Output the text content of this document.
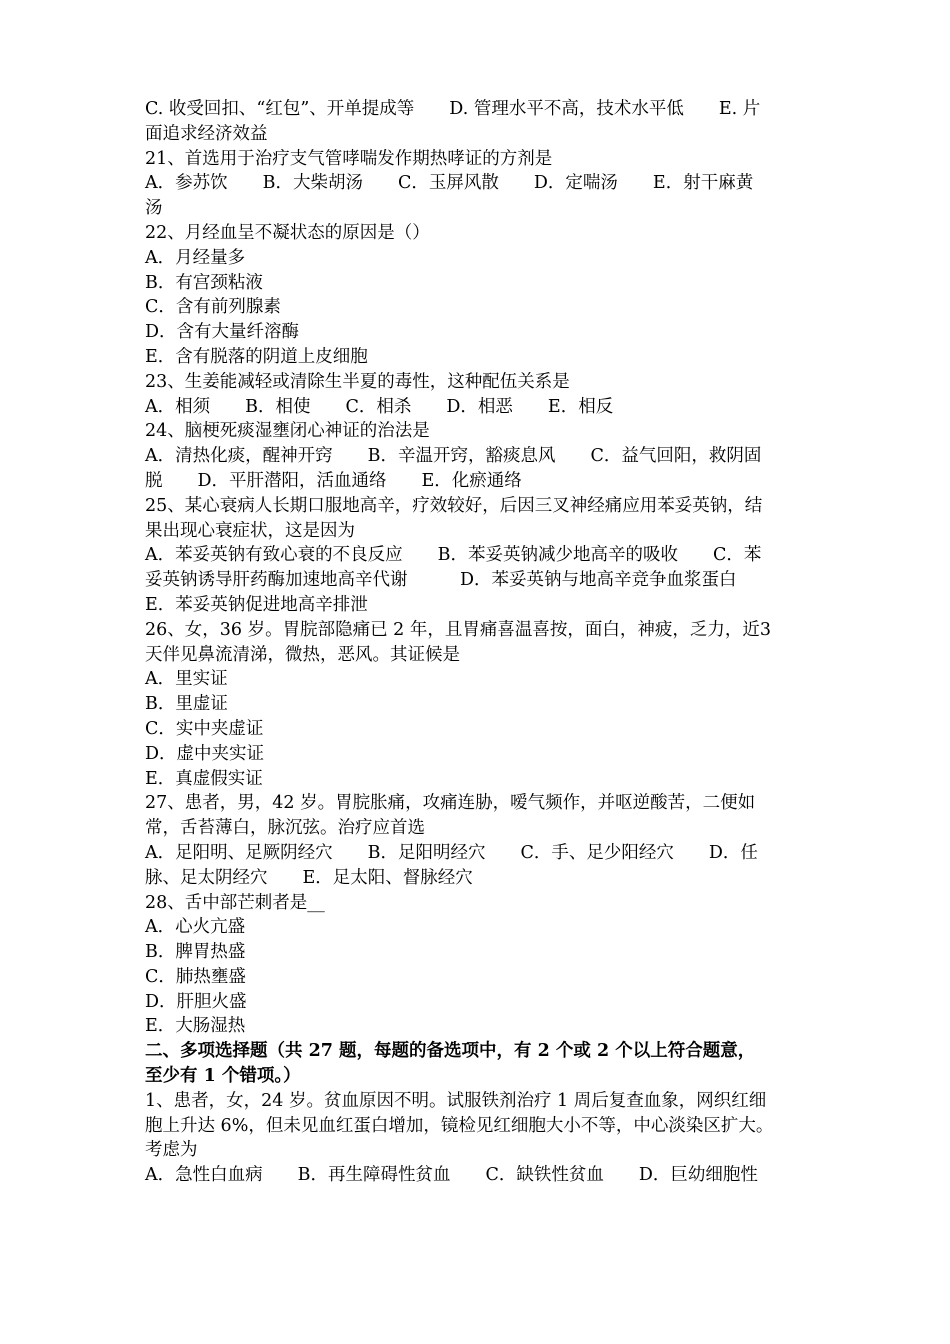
C. 收受回扣、“红包”、开单提成等　　D. 管理水平不高，技术水平低　　E. 片
面追求经济效益
21、首选用于治疗支气管哮喘发作期热哮证的方剂是
A．参苏饮　　B．大柴胡汤　　C．玉屏风散　　D．定喘汤　　E．射干麻黄
汤
22、月经血呈不凝状态的原因是（）
A．月经量多
B．有宫颈粘液
C．含有前列腺素
D．含有大量纤溶酶
E．含有脱落的阴道上皮细胞
23、生姜能减轻或清除生半夏的毒性，这种配伍关系是
A．相须　　B．相使　　C．相杀　　D．相恶　　E．相反
24、脑梗死痰湿壅闭心神证的治法是
A．清热化痰，醒神开窍　　B．辛温开窍，豁痰息风　　C．益气回阳，救阴固
脱　　D．平肝潜阳，活血通络　　E．化瘀通络
25、某心衰病人长期口服地高辛，疗效较好，后因三叉神经痛应用苯妥英钠，结
果出现心衰症状，这是因为
A．苯妥英钠有致心衰的不良反应　　B．苯妥英钠减少地高辛的吸收　　C．苯
妥英钠诱导肝药酶加速地高辛代谢　　　D．苯妥英钠与地高辛竞争血浆蛋白
E．苯妥英钠促进地高辛排泄
26、女，36 岁。胃脘部隐痛已 2 年，且胃痛喜温喜按，面白，神疲，乏力，近3
天伴见鼻流清涕，微热，恶风。其证候是
A．里实证
B．里虚证
C．实中夹虚证
D．虚中夹实证
E．真虚假实证
27、患者，男，42 岁。胃脘胀痛，攻痛连胁，嗳气频作，并呕逆酸苦，二便如
常，舌苔薄白，脉沉弦。治疗应首选
A．足阳明、足厥阴经穴　　B．足阳明经穴　　C．手、足少阳经穴　　D．任
脉、足太阴经穴　　E．足太阳、督脉经穴
28、舌中部芒刺者是__
A．心火亢盛
B．脾胃热盛
C．肺热壅盛
D．肝胆火盛
E．大肠湿热
二、多项选择题（共 27 题，每题的备选项中，有 2 个或 2 个以上符合题意，
至少有 1 个错项。）
1、患者，女，24 岁。贫血原因不明。试服铁剂治疗 1 周后复查血象，网织红细
胞上升达 6%，但未见血红蛋白增加，镜检见红细胞大小不等，中心淡染区扩大。
考虑为
A．急性白血病　　B．再生障碍性贫血　　C．缺铁性贫血　　D．巨幼细胞性
